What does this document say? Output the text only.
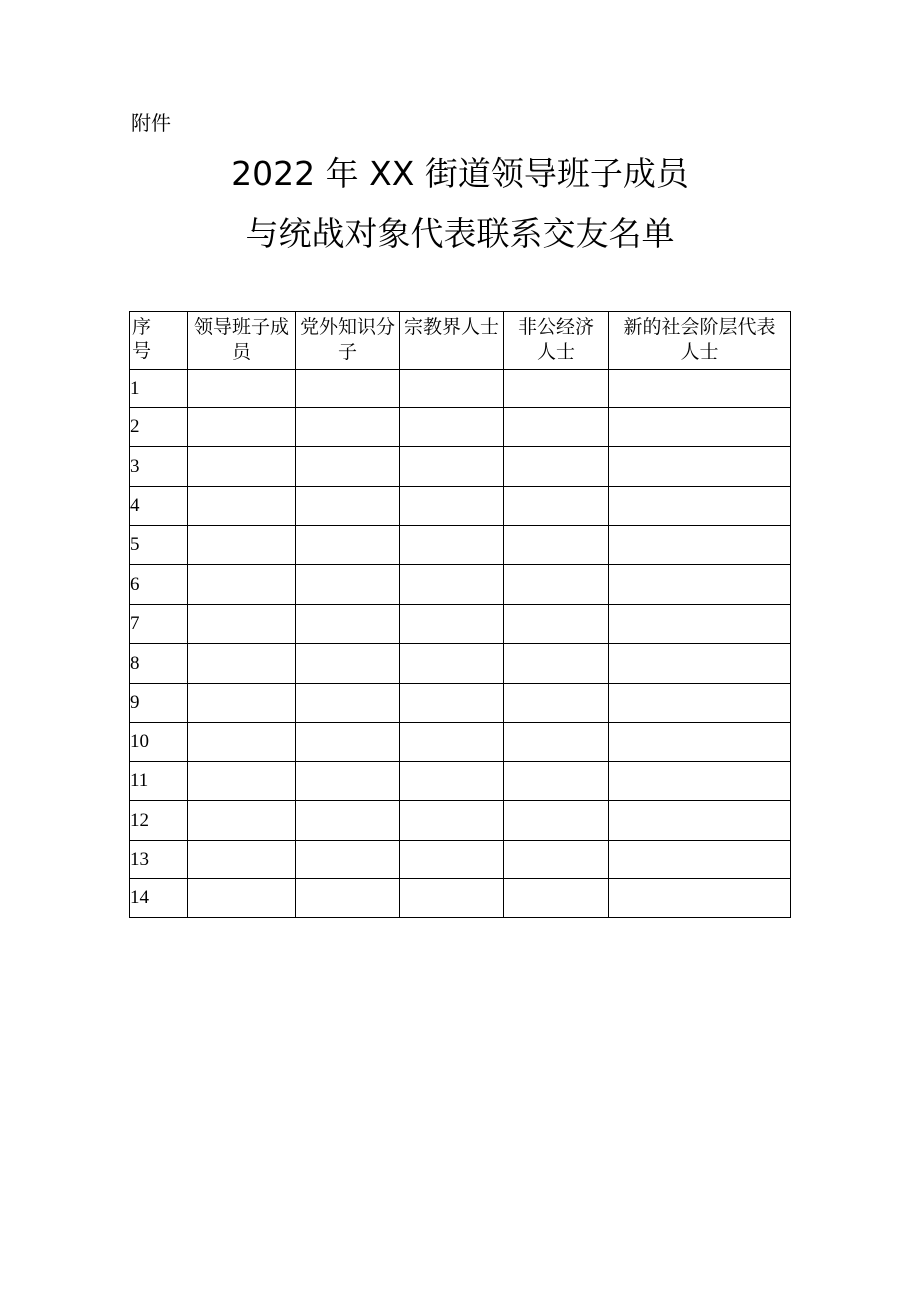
附件
2022 年 XX 街道领导班子成员
与统战对象代表联系交友名单
序号	领导班子成员	党外知识分子	宗教界人士	非公经济人士	新的社会阶层代表人士
1					
2					
3					
4					
5					
6					
7					
8					
9					
10					
11					
12					
13					
14					
